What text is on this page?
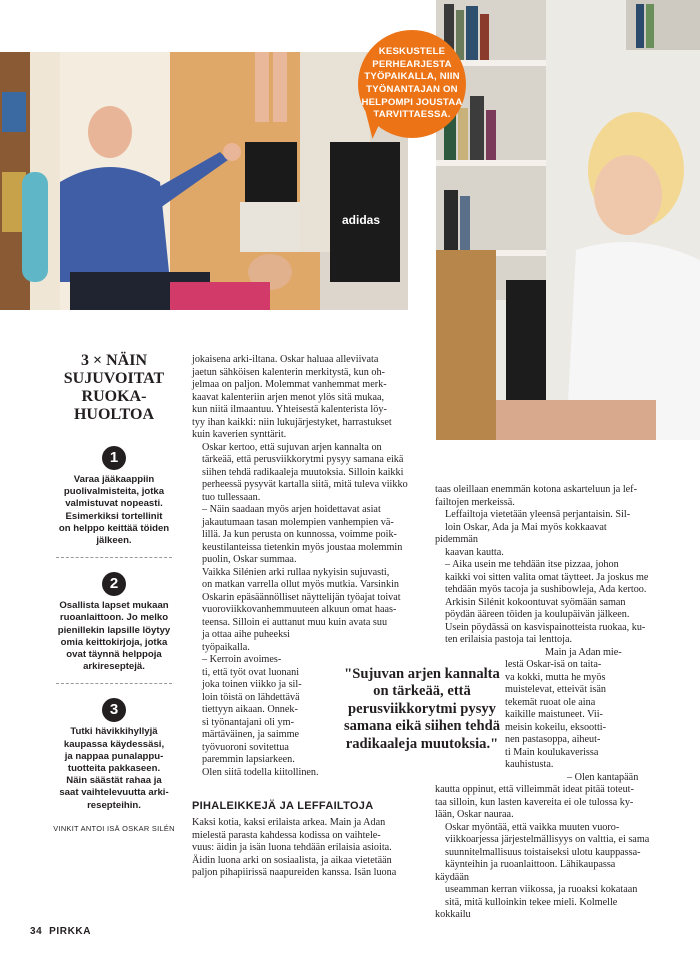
adidas
KESKUSTELE
PERHEARJESTA
TYÖPAIKALLA, NIIN
TYÖNANTAJAN ON
HELPOMPI JOUSTAA
TARVITTAESSA.
3 × NÄIN
SUJUVOITAT
RUOKA-
HUOLTOA
1
Varaa jääkaappiin
puolivalmisteita, jotka
valmistuvat nopeasti.
Esimerkiksi tortellinit
on helppo keittää töiden
jälkeen.
2
Osallista lapset mukaan
ruoanlaittoon. Jo melko
pienillekin lapsille löytyy
omia keittokirjoja, jotka
ovat täynnä helppoja
arkireseptejä.
3
Tutki hävikkihyllyjä
kaupassa käydessäsi,
ja nappaa punalappu-
tuotteita pakkaseen.
Näin säästät rahaa ja
saat vaihtelevuutta arki-
resepteihin.
VINKIT ANTOI ISÄ OSKAR SILÉN

jokaisena arki-iltana. Oskar haluaa alleviivata
jaetun sähköisen kalenterin merkitystä, kun oh-
jelmaa on paljon. Molemmat vanhemmat merk-
kaavat kalenteriin arjen menot ylös sitä mukaa,
kun niitä ilmaantuu. Yhteisestä kalenterista löy-
tyy ihan kaikki: niin lukujärjestyket, harrastukset
kuin kaverien synttärit.

Oskar kertoo, että sujuvan arjen kannalta on
tärkeää, että perusviikkorytmi pysyy samana eikä
siihen tehdä radikaaleja muutoksia. Silloin kaikki
perheessä pysyvät kartalla siitä, mitä tuleva viikko
tuo tullessaan.

– Näin saadaan myös arjen hoidettavat asiat
jakautumaan tasan molempien vanhempien vä-
lillä. Ja kun perusta on kunnossa, voimme poik-
keustilanteissa tietenkin myös joustaa molemmin
puolin, Oskar summaa.

Vaikka Silénien arki rullaa nykyisin sujuvasti,
on matkan varrella ollut myös mutkia. Varsinkin
Oskarin epäsäännölliset näyttelijän työajat toivat
vuoroviikkovanhemmuuteen alkuun omat haas-
teensa. Silloin ei auttanut muu kuin avata suu
ja ottaa aihe puheeksi
työpaikalla.

– Kerroin avoimes-
ti, että työt ovat luonani
joka toinen viikko ja sil-
loin töistä on lähdettävä
tiettyyn aikaan. Onnek-
si työnantajani oli ym-
märtäväinen, ja saimme
työvuoroni sovitettua
paremmin lapsiarkeen.
Olen siitä todella kiitollinen.

PIHALEIKKEJÄ JA LEFFAILTOJA

Kaksi kotia, kaksi erilaista arkea. Main ja Adan
mielestä parasta kahdessa kodissa on vaihtele-
vuus: äidin ja isän luona tehdään erilaisia asioita.
Äidin luona arki on sosiaalista, ja aikaa vietetään
paljon pihapiirissä naapureiden kanssa. Isän luona

taas oleillaan enemmän kotona askarteluun ja lef-
failtojen merkeissä.

Leffailtoja vietetään yleensä perjantaisin. Sil-
loin Oskar, Ada ja Mai myös kokkaavat pidemmän
kaavan kautta.

– Aika usein me tehdään itse pizzaa, johon
kaikki voi sitten valita omat täytteet. Ja joskus me
tehdään myös tacoja ja sushibowleja, Ada kertoo.

Arkisin Silénit kokoontuvat syömään saman
pöydän ääreen töiden ja koulupäivän jälkeen.
Usein pöydässä on kasvispainotteista ruokaa, ku-
ten erilaisia pastoja tai lenttoja.

Main ja Adan mie-
lestä Oskar-isä on taita-
va kokki, mutta he myös
muistelevat, etteivät isän
tekemät ruoat ole aina
kaikille maistuneet. Vii-
meisin kokeilu, eksootti-
nen pastasoppa, aiheut-
ti Main koulukaverissa
kauhistusta.

– Olen kantapään
kautta oppinut, että villeimmät ideat pitää toteut-
taa silloin, kun lasten kavereita ei ole tulossa ky-
lään, Oskar nauraa.

Oskar myöntää, että vaikka muuten vuoro-
viikkoarjessa järjestelmällisyys on valttia, ei sama
suunnitelmallisuus toistaiseksi ulotu kauppassa-
käynteihin ja ruoanlaittoon. Lähikaupassa käydään
useamman kerran viikossa, ja ruoaksi kokataan
sitä, mitä kulloinkin tekee mieli. Kolmelle kokkailu

"Sujuvan arjen kannalta
on tärkeää, että
perusviikkorytmi pysyy
samana eikä siihen tehdä
radikaaleja muutoksia."
34 PIRKKA
